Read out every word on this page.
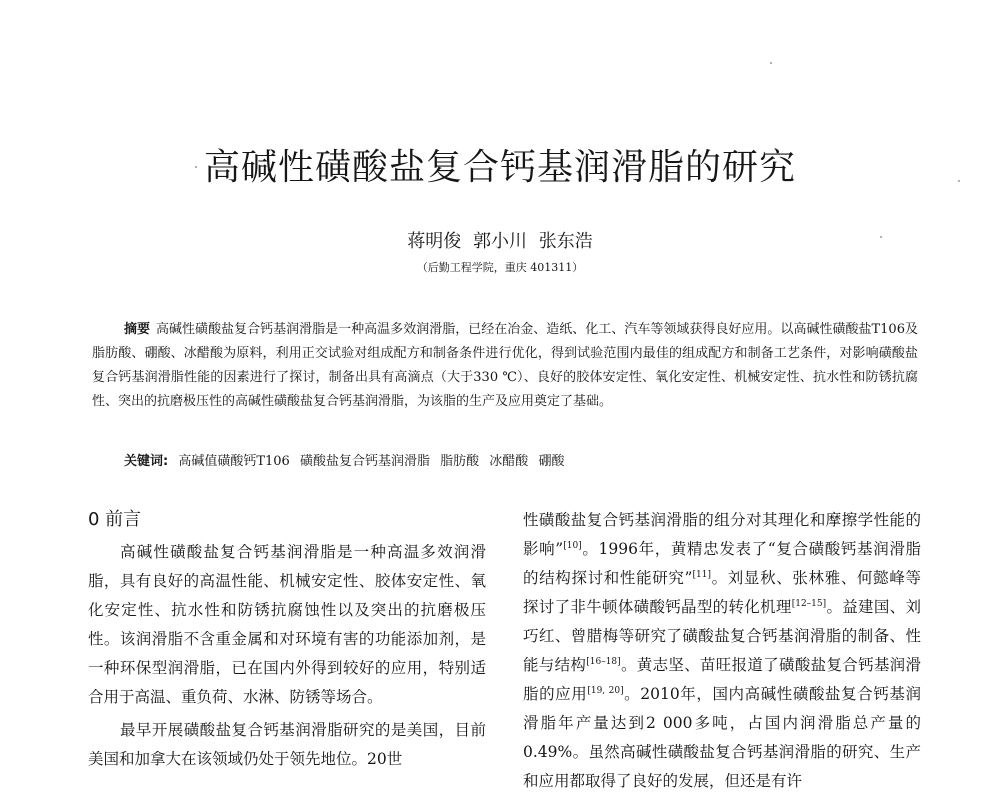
高碱性磺酸盐复合钙基润滑脂的研究
蒋明俊 郭小川 张东浩
（后勤工程学院，重庆 401311）

摘要 高碱性磺酸盐复合钙基润滑脂是一种高温多效润滑脂，已经在冶金、造纸、化工、汽车等领域获得良好应用。以高碱性磺酸盐T106及脂肪酸、硼酸、冰醋酸为原料，利用正交试验对组成配方和制备条件进行优化，得到试验范围内最佳的组成配方和制备工艺条件，对影响磺酸盐复合钙基润滑脂性能的因素进行了探讨，制备出具有高滴点（大于330 ℃）、良好的胶体安定性、氧化安定性、机械安定性、抗水性和防锈抗腐性、突出的抗磨极压性的高碱性磺酸盐复合钙基润滑脂，为该脂的生产及应用奠定了基础。

关键词: 高碱值磺酸钙T106 磺酸盐复合钙基润滑脂 脂肪酸 冰醋酸 硼酸
0 前言

高碱性磺酸盐复合钙基润滑脂是一种高温多效润滑脂，具有良好的高温性能、机械安定性、胶体安定性、氧化安定性、抗水性和防锈抗腐蚀性以及突出的抗磨极压性。该润滑脂不含重金属和对环境有害的功能添加剂，是一种环保型润滑脂，已在国内外得到较好的应用，特别适合用于高温、重负荷、水淋、防锈等场合。

最早开展磺酸盐复合钙基润滑脂研究的是美国，目前美国和加拿大在该领域仍处于领先地位。20世

性磺酸盐复合钙基润滑脂的组分对其理化和摩擦学性能的影响”[10]。1996年，黄精忠发表了“复合磺酸钙基润滑脂的结构探讨和性能研究”[11]。刘显秋、张林雅、何懿峰等探讨了非牛顿体磺酸钙晶型的转化机理[12–15]。益建国、刘巧红、曾腊梅等研究了磺酸盐复合钙基润滑脂的制备、性能与结构[16–18]。黄志坚、苗旺报道了磺酸盐复合钙基润滑脂的应用[19, 20]。2010年，国内高碱性磺酸盐复合钙基润滑脂年产量达到2 000多吨，占国内润滑脂总产量的0.49%。虽然高碱性磺酸盐复合钙基润滑脂的研究、生产和应用都取得了良好的发展，但还是有许
